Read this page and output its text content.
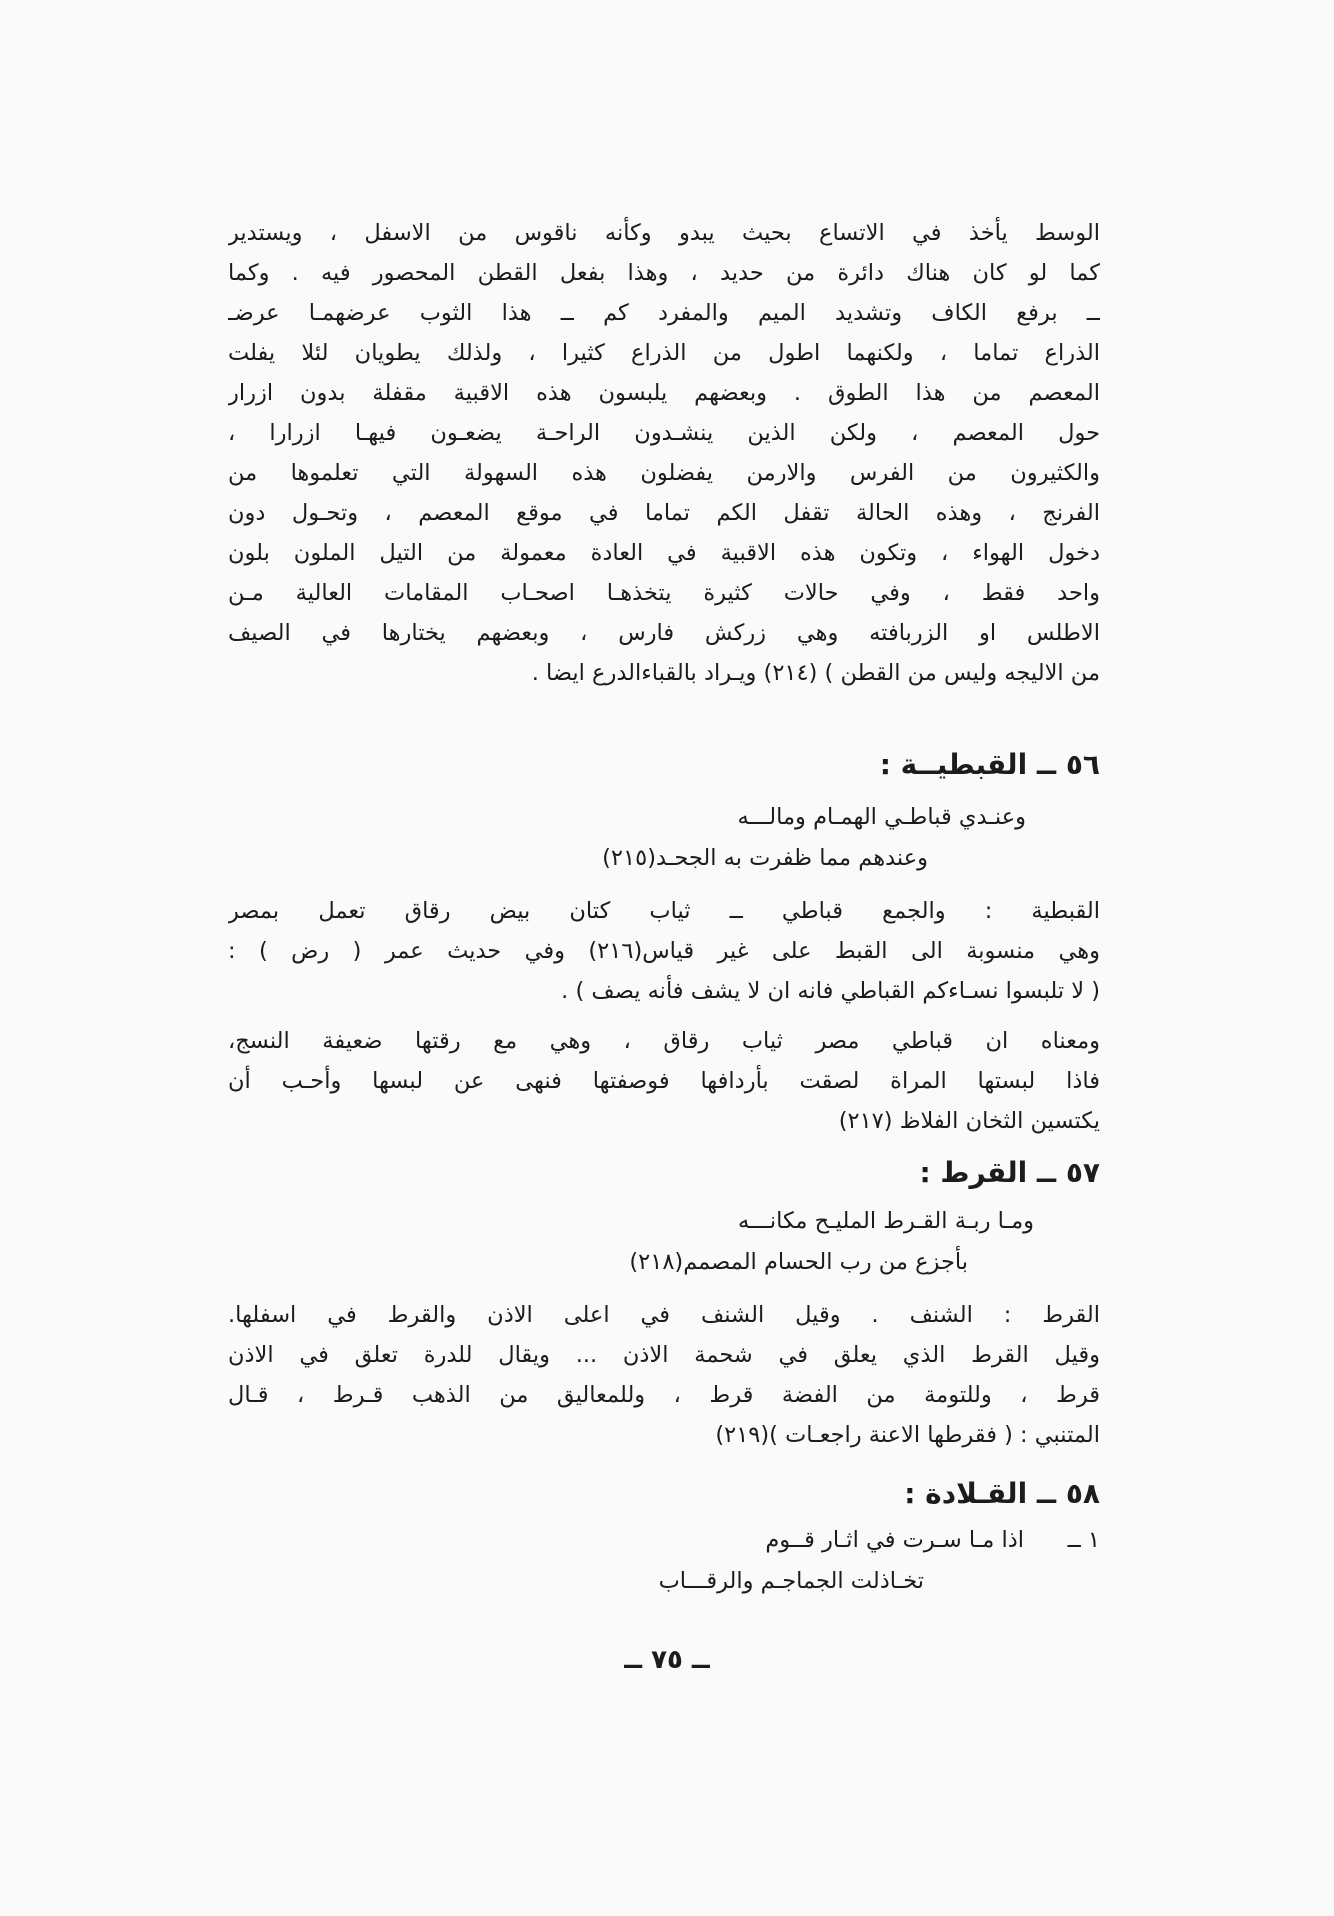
الوسط يأخذ في الاتساع بحيث يبدو وكأنه ناقوس من الاسفل ، ويستدير
كما لو كان هناك دائرة من حديد ، وهذا بفعل القطن المحصور فيه . وكما
ــ برفع الكاف وتشديد الميم والمفرد كم ــ هذا الثوب عرضهمـا عرضـ
الذراع تماما ، ولكنهما اطول من الذراع كثيرا ، ولذلك يطويان لئلا يفلت
المعصم من هذا الطوق . وبعضهم يلبسون هذه الاقبية مقفلة بدون ازرار
حول المعصم ، ولكن الذين ينشـدون الراحـة يضعـون فيهـا ازرارا ،
والكثيرون من الفرس والارمن يفضلون هذه السهولة التي تعلموها من
الفرنج ، وهذه الحالة تقفل الكم تماما في موقع المعصم ، وتحـول دون
دخول الهواء ، وتكون هذه الاقبية في العادة معمولة من التيل الملون بلون
واحد فقط ، وفي حالات كثيرة يتخذهـا اصحـاب المقامات العالية مـن
الاطلس او الزربافته وهي زركش فارس ، وبعضهم يختارها في الصيف
من الاليجه وليس من القطن ) (٢١٤) ويـراد بالقباءالدرع ايضا .
٥٦ ــ القبطيــة :
وعنـدي قباطـي الهمـام ومالـــه
وعندهم مما ظفرت به الجحـد(٢١٥)
القبطية : والجمع قباطي ــ ثياب كتان بيض رقاق تعمل بمصر
وهي منسوبة الى القبط على غير قياس(٢١٦) وفي حديث عمر ( رض ) :
( لا تلبسوا نسـاءكم القباطي فانه ان لا يشف فأنه يصف ) .
ومعناه ان قباطي مصر ثياب رقاق ، وهي مع رقتها ضعيفة النسج،
فاذا لبستها المراة لصقت بأردافها فوصفتها فنهى عن لبسها وأحـب أن
يكتسين الثخان الفلاظ (٢١٧)
٥٧ ــ القرط :
ومـا ربـة القـرط المليـح مكانـــه
بأجزع من رب الحسام المصمم(٢١٨)
القرط : الشنف . وقيل الشنف في اعلى الاذن والقرط في اسفلها.
وقيل القرط الذي يعلق في شحمة الاذن ... ويقال للدرة تعلق في الاذن
قرط ، وللتومة من الفضة قرط ، وللمعاليق من الذهب قـرط ، قـال
المتنبي : ( فقرطها الاعنة راجعـات )(٢١٩)
٥٨ ــ القـلادة :
١ ــ
اذا مـا سـرت في اثـار قــوم
تخـاذلت الجماجـم والرقـــاب
ــ ٧٥ ــ
